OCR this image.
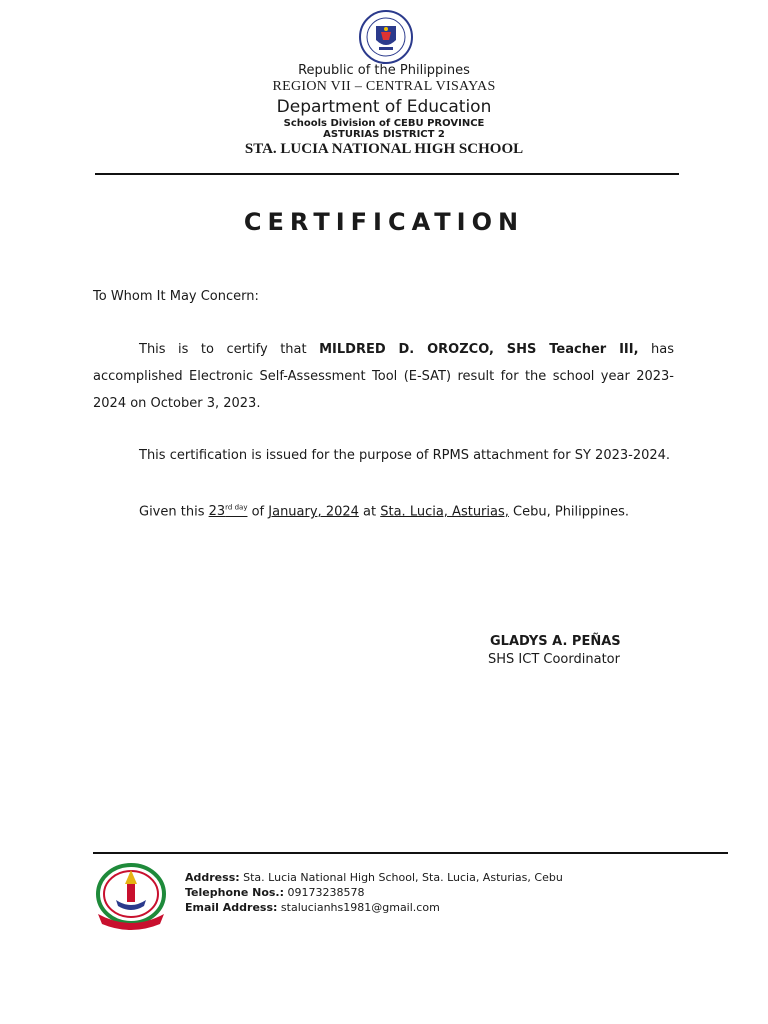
Republic of the Philippines
REGION VII – CENTRAL VISAYAS
Department of Education
Schools Division of CEBU PROVINCE
ASTURIAS DISTRICT 2
STA. LUCIA NATIONAL HIGH SCHOOL
CERTIFICATION
To Whom It May Concern:
This is to certify that MILDRED D. OROZCO, SHS Teacher III, has accomplished Electronic Self-Assessment Tool (E-SAT) result for the school year 2023-2024 on October 3, 2023.
This certification is issued for the purpose of RPMS attachment for SY 2023-2024.
Given this $23^{rd day}$ of January, 2024 at Sta. Lucia, Asturias, Cebu, Philippines.
GLADYS A. PEÑAS
SHS ICT Coordinator
Address: Sta. Lucia National High School, Sta. Lucia, Asturias, Cebu
Telephone Nos.: 09173238578
Email Address: stalucianhs1981@gmail.com
